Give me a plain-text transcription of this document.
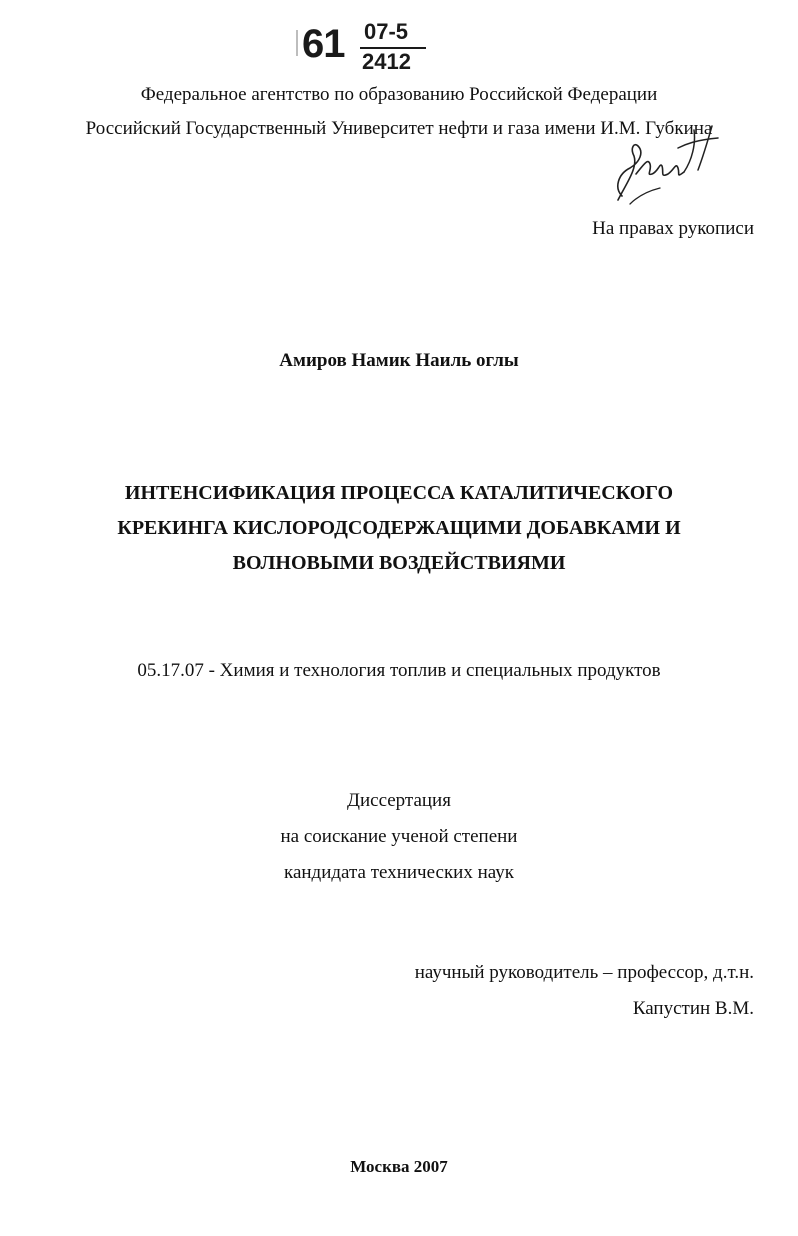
61 07-5
2412
Федеральное агентство по образованию Российской Федерации
Российский Государственный Университет нефти и газа имени И.М. Губкина
На правах рукописи
Амиров Намик Наиль оглы
ИНТЕНСИФИКАЦИЯ ПРОЦЕССА КАТАЛИТИЧЕСКОГО
КРЕКИНГА КИСЛОРОДСОДЕРЖАЩИМИ ДОБАВКАМИ И
ВОЛНОВЫМИ ВОЗДЕЙСТВИЯМИ
05.17.07 - Химия и технология топлив и специальных продуктов
Диссертация
на соискание ученой степени
кандидата технических наук
научный руководитель – профессор, д.т.н.
Капустин В.М.
Москва 2007
